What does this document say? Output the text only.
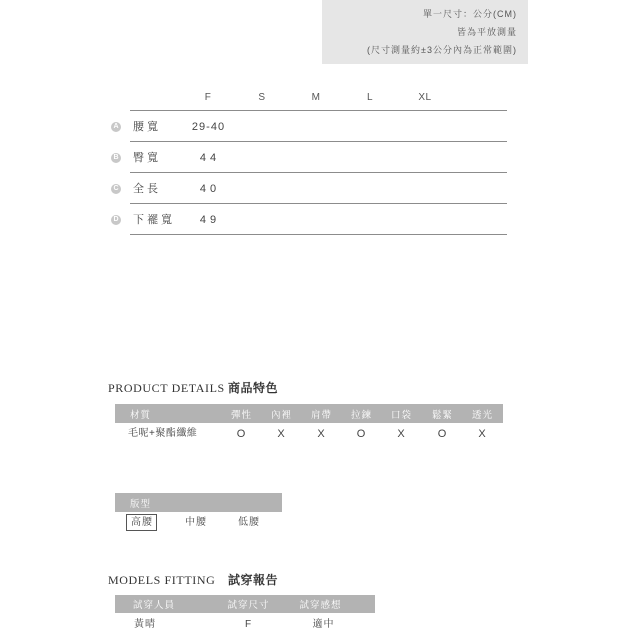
單一尺寸：公分(CM)
皆為平放測量
(尺寸測量約±3公分內為正常範圍)
F	S	M	L	XL
A 腰寬	29-40
B 臀寬	44
C 全長	40
D 下襬寬	49
PRODUCT DETAILS 商品特色
材質	彈性	內裡	肩帶	拉鍊	口袋	鬆緊	透光
毛呢+聚酯纖維	O	X	X	O	X	O	X
版型
高腰	中腰	低腰
MODELS FITTING 試穿報告
試穿人員	試穿尺寸	試穿感想
黃晴	F	適中
